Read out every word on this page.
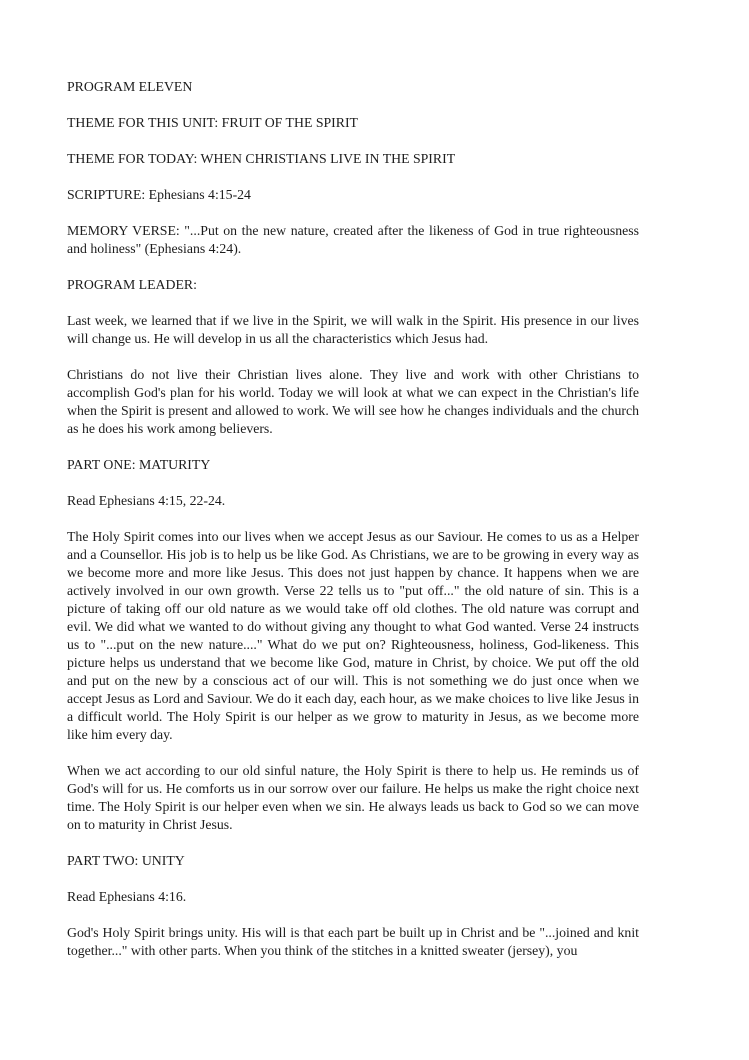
PROGRAM ELEVEN

THEME FOR THIS UNIT: FRUIT OF THE SPIRIT

THEME FOR TODAY: WHEN CHRISTIANS LIVE IN THE SPIRIT

SCRIPTURE: Ephesians 4:15-24

MEMORY VERSE: "...Put on the new nature, created after the likeness of God in true righteousness and holiness" (Ephesians 4:24).

PROGRAM LEADER:

Last week, we learned that if we live in the Spirit, we will walk in the Spirit. His presence in our lives will change us. He will develop in us all the characteristics which Jesus had.

Christians do not live their Christian lives alone. They live and work with other Christians to accomplish God's plan for his world. Today we will look at what we can expect in the Christian's life when the Spirit is present and allowed to work. We will see how he changes individuals and the church as he does his work among believers.

PART ONE: MATURITY

Read Ephesians 4:15, 22-24.

The Holy Spirit comes into our lives when we accept Jesus as our Saviour. He comes to us as a Helper and a Counsellor. His job is to help us be like God. As Christians, we are to be growing in every way as we become more and more like Jesus. This does not just happen by chance. It happens when we are actively involved in our own growth. Verse 22 tells us to "put off..." the old nature of sin. This is a picture of taking off our old nature as we would take off old clothes. The old nature was corrupt and evil. We did what we wanted to do without giving any thought to what God wanted. Verse 24 instructs us to "...put on the new nature...." What do we put on? Righteousness, holiness, God-likeness. This picture helps us understand that we become like God, mature in Christ, by choice. We put off the old and put on the new by a conscious act of our will. This is not something we do just once when we accept Jesus as Lord and Saviour. We do it each day, each hour, as we make choices to live like Jesus in a difficult world. The Holy Spirit is our helper as we grow to maturity in Jesus, as we become more like him every day.

When we act according to our old sinful nature, the Holy Spirit is there to help us. He reminds us of God's will for us. He comforts us in our sorrow over our failure. He helps us make the right choice next time. The Holy Spirit is our helper even when we sin. He always leads us back to God so we can move on to maturity in Christ Jesus.

PART TWO: UNITY

Read Ephesians 4:16.

God's Holy Spirit brings unity. His will is that each part be built up in Christ and be "...joined and knit together..." with other parts. When you think of the stitches in a knitted sweater (jersey), you
